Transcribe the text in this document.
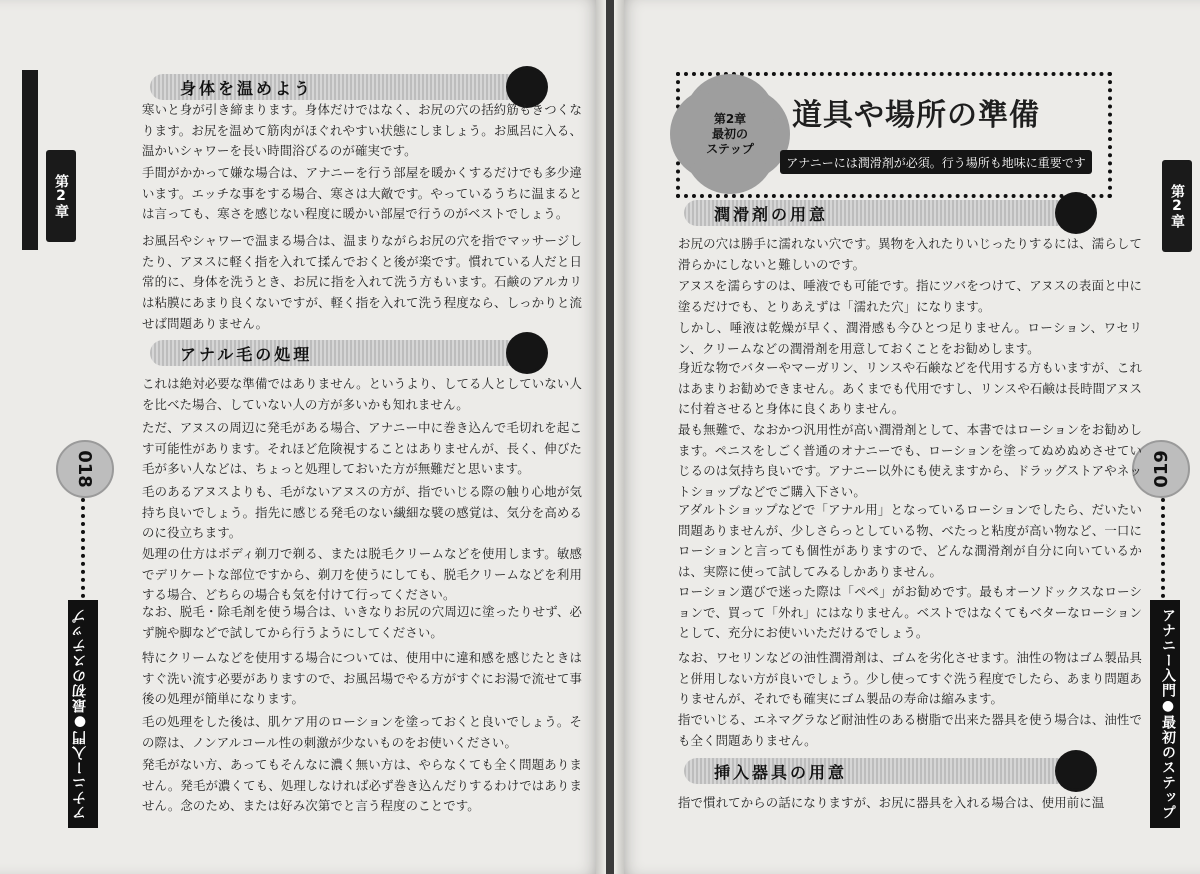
第2章
018
アナニー入門●最初のステップ
身体を温めよう
寒いと身が引き締まります。身体だけではなく、お尻の穴の括約筋もきつくなります。お尻を温めて筋肉がほぐれやすい状態にしましょう。お風呂に入る、温かいシャワーを長い時間浴びるのが確実です。
手間がかかって嫌な場合は、アナニーを行う部屋を暖かくするだけでも多少違います。エッチな事をする場合、寒さは大敵です。やっているうちに温まるとは言っても、寒さを感じない程度に暖かい部屋で行うのがベストでしょう。
お風呂やシャワーで温まる場合は、温まりながらお尻の穴を指でマッサージしたり、アヌスに軽く指を入れて揉んでおくと後が楽です。慣れている人だと日常的に、身体を洗うとき、お尻に指を入れて洗う方もいます。石鹸のアルカリは粘膜にあまり良くないですが、軽く指を入れて洗う程度なら、しっかりと流せば問題ありません。
アナル毛の処理
これは絶対必要な準備ではありません。というより、してる人としていない人を比べた場合、していない人の方が多いかも知れません。
ただ、アヌスの周辺に発毛がある場合、アナニー中に巻き込んで毛切れを起こす可能性があります。それほど危険視することはありませんが、長く、伸びた毛が多い人などは、ちょっと処理しておいた方が無難だと思います。
毛のあるアヌスよりも、毛がないアヌスの方が、指でいじる際の触り心地が気持ち良いでしょう。指先に感じる発毛のない繊細な襞の感覚は、気分を高めるのに役立ちます。
処理の仕方はボディ剃刀で剃る、または脱毛クリームなどを使用します。敏感でデリケートな部位ですから、剃刀を使うにしても、脱毛クリームなどを利用する場合、どちらの場合も気を付けて行ってください。
なお、脱毛・除毛剤を使う場合は、いきなりお尻の穴周辺に塗ったりせず、必ず腕や脚などで試してから行うようにしてください。
特にクリームなどを使用する場合については、使用中に違和感を感じたときはすぐ洗い流す必要がありますので、お風呂場でやる方がすぐにお湯で流せて事後の処理が簡単になります。
毛の処理をした後は、肌ケア用のローションを塗っておくと良いでしょう。その際は、ノンアルコール性の刺激が少ないものをお使いください。
発毛がない方、あってもそんなに濃く無い方は、やらなくても全く問題ありません。発毛が濃くても、処理しなければ必ず巻き込んだりするわけではありません。念のため、または好み次第でと言う程度のことです。
第2章
019
アナニー入門●最初のステップ
第2章
最初の
ステップ
道具や場所の準備
アナニーには潤滑剤が必須。行う場所も地味に重要です
潤滑剤の用意
お尻の穴は勝手に濡れない穴です。異物を入れたりいじったりするには、濡らして滑らかにしないと難しいのです。
アヌスを濡らすのは、唾液でも可能です。指にツバをつけて、アヌスの表面と中に塗るだけでも、とりあえずは「濡れた穴」になります。
しかし、唾液は乾燥が早く、潤滑感も今ひとつ足りません。ローション、ワセリン、クリームなどの潤滑剤を用意しておくことをお勧めします。
身近な物でバターやマーガリン、リンスや石鹸などを代用する方もいますが、これはあまりお勧めできません。あくまでも代用ですし、リンスや石鹸は長時間アヌスに付着させると身体に良くありません。
最も無難で、なおかつ汎用性が高い潤滑剤として、本書ではローションをお勧めします。ペニスをしごく普通のオナニーでも、ローションを塗ってぬめぬめさせていじるのは気持ち良いです。アナニー以外にも使えますから、ドラッグストアやネットショップなどでご購入下さい。
アダルトショップなどで「アナル用」となっているローションでしたら、だいたい問題ありませんが、少しさらっとしている物、べたっと粘度が高い物など、一口にローションと言っても個性がありますので、どんな潤滑剤が自分に向いているかは、実際に使って試してみるしかありません。
ローション選びで迷った際は「ペペ」がお勧めです。最もオーソドックスなローションで、買って「外れ」にはなりません。ベストではなくてもベターなローションとして、充分にお使いいただけるでしょう。
なお、ワセリンなどの油性潤滑剤は、ゴムを劣化させます。油性の物はゴム製品具と併用しない方が良いでしょう。少し使ってすぐ洗う程度でしたら、あまり問題ありませんが、それでも確実にゴム製品の寿命は縮みます。
指でいじる、エネマグラなど耐油性のある樹脂で出来た器具を使う場合は、油性でも全く問題ありません。
挿入器具の用意
指で慣れてからの話になりますが、お尻に器具を入れる場合は、使用前に温
